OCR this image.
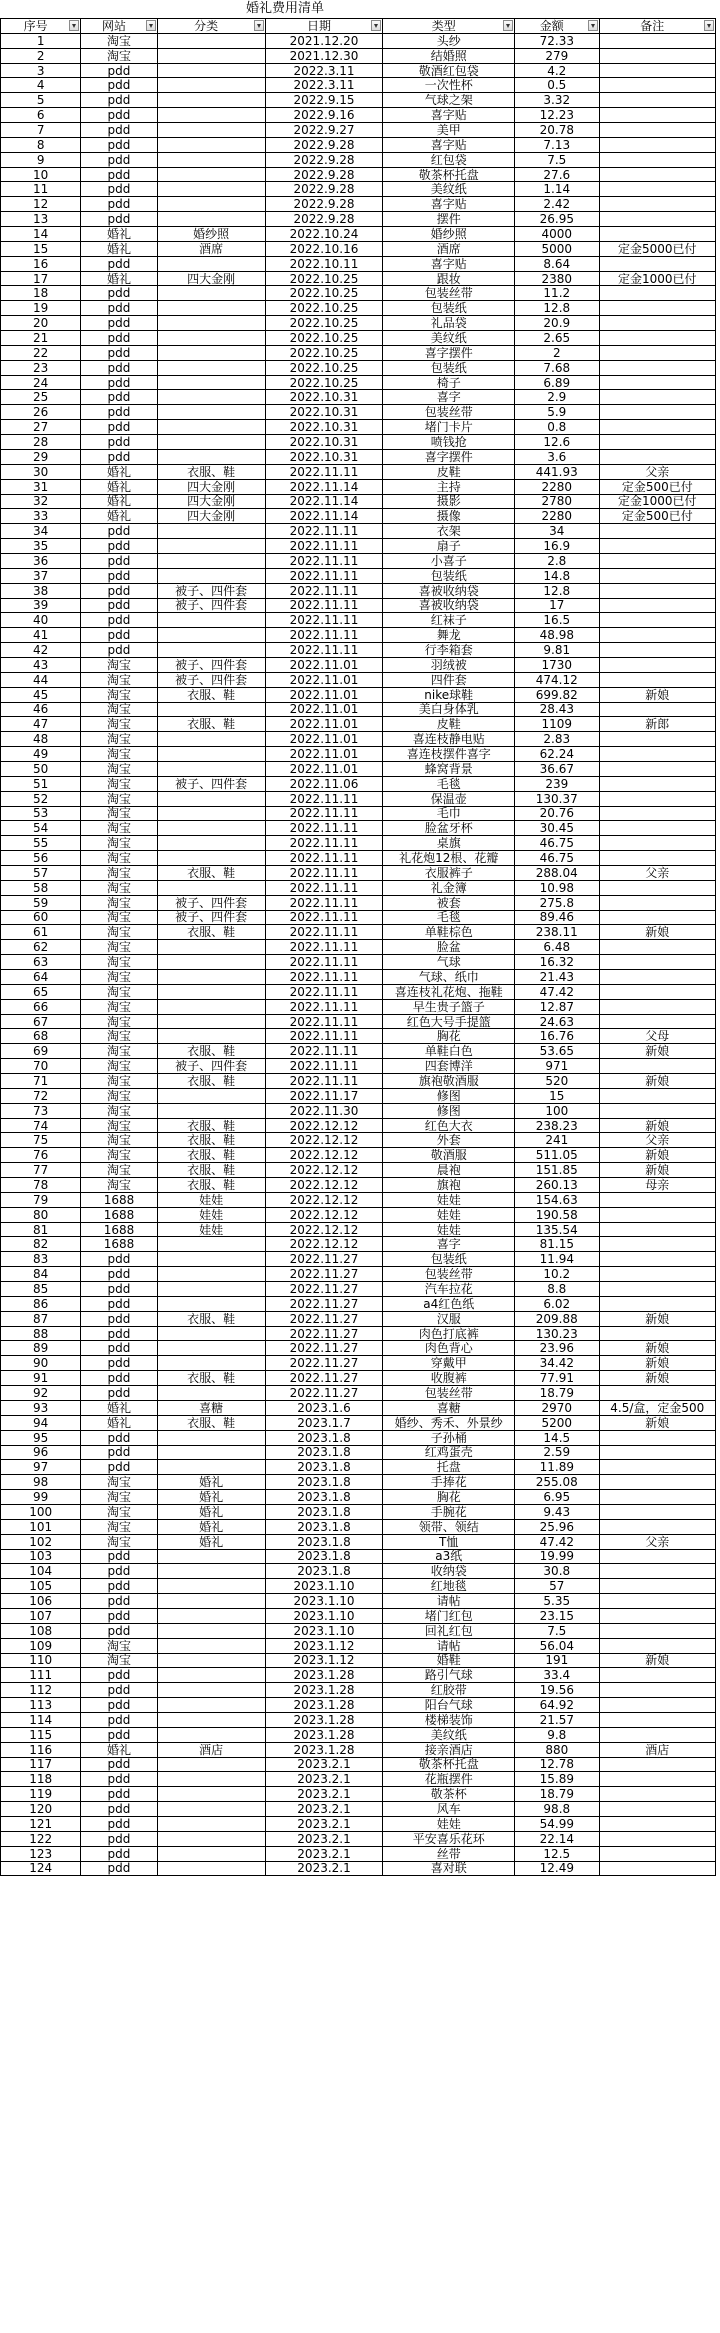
婚礼费用清单
序号	网站	分类	日期	类型	金额	备注

1	淘宝		2021.12.20	头纱	72.33	
2	淘宝		2021.12.30	结婚照	279	
3	pdd		2022.3.11	敬酒红包袋	4.2	
4	pdd		2022.3.11	一次性杯	0.5	
5	pdd		2022.9.15	气球之架	3.32	
6	pdd		2022.9.16	喜字贴	12.23	
7	pdd		2022.9.27	美甲	20.78	
8	pdd		2022.9.28	喜字贴	7.13	
9	pdd		2022.9.28	红包袋	7.5	
10	pdd		2022.9.28	敬茶杯托盘	27.6	
11	pdd		2022.9.28	美纹纸	1.14	
12	pdd		2022.9.28	喜字贴	2.42	
13	pdd		2022.9.28	摆件	26.95	
14	婚礼	婚纱照	2022.10.24	婚纱照	4000	
15	婚礼	酒席	2022.10.16	酒席	5000	定金5000已付
16	pdd		2022.10.11	喜字贴	8.64	
17	婚礼	四大金刚	2022.10.25	跟妆	2380	定金1000已付
18	pdd		2022.10.25	包装丝带	11.2	
19	pdd		2022.10.25	包装纸	12.8	
20	pdd		2022.10.25	礼品袋	20.9	
21	pdd		2022.10.25	美纹纸	2.65	
22	pdd		2022.10.25	喜字摆件	2	
23	pdd		2022.10.25	包装纸	7.68	
24	pdd		2022.10.25	椅子	6.89	
25	pdd		2022.10.31	喜字	2.9	
26	pdd		2022.10.31	包装丝带	5.9	
27	pdd		2022.10.31	堵门卡片	0.8	
28	pdd		2022.10.31	喷钱抢	12.6	
29	pdd		2022.10.31	喜字摆件	3.6	
30	婚礼	衣服、鞋	2022.11.11	皮鞋	441.93	父亲
31	婚礼	四大金刚	2022.11.14	主持	2280	定金500已付
32	婚礼	四大金刚	2022.11.14	摄影	2780	定金1000已付
33	婚礼	四大金刚	2022.11.14	摄像	2280	定金500已付
34	pdd		2022.11.11	衣架	34	
35	pdd		2022.11.11	扇子	16.9	
36	pdd		2022.11.11	小喜子	2.8	
37	pdd		2022.11.11	包装纸	14.8	
38	pdd	被子、四件套	2022.11.11	喜被收纳袋	12.8	
39	pdd	被子、四件套	2022.11.11	喜被收纳袋	17	
40	pdd		2022.11.11	红袜子	16.5	
41	pdd		2022.11.11	舞龙	48.98	
42	pdd		2022.11.11	行李箱套	9.81	
43	淘宝	被子、四件套	2022.11.01	羽绒被	1730	
44	淘宝	被子、四件套	2022.11.01	四件套	474.12	
45	淘宝	衣服、鞋	2022.11.01	nike球鞋	699.82	新娘
46	淘宝		2022.11.01	美白身体乳	28.43	
47	淘宝	衣服、鞋	2022.11.01	皮鞋	1109	新郎
48	淘宝		2022.11.01	喜连枝静电贴	2.83	
49	淘宝		2022.11.01	喜连枝摆件喜字	62.24	
50	淘宝		2022.11.01	蜂窝背景	36.67	
51	淘宝	被子、四件套	2022.11.06	毛毯	239	
52	淘宝		2022.11.11	保温壶	130.37	
53	淘宝		2022.11.11	毛巾	20.76	
54	淘宝		2022.11.11	脸盆牙杯	30.45	
55	淘宝		2022.11.11	桌旗	46.75	
56	淘宝		2022.11.11	礼花炮12根、花瓣	46.75	
57	淘宝	衣服、鞋	2022.11.11	衣服裤子	288.04	父亲
58	淘宝		2022.11.11	礼金簿	10.98	
59	淘宝	被子、四件套	2022.11.11	被套	275.8	
60	淘宝	被子、四件套	2022.11.11	毛毯	89.46	
61	淘宝	衣服、鞋	2022.11.11	单鞋棕色	238.11	新娘
62	淘宝		2022.11.11	脸盆	6.48	
63	淘宝		2022.11.11	气球	16.32	
64	淘宝		2022.11.11	气球、纸巾	21.43	
65	淘宝		2022.11.11	喜连枝礼花炮、拖鞋	47.42	
66	淘宝		2022.11.11	早生贵子篮子	12.87	
67	淘宝		2022.11.11	红色大号手提篮	24.63	
68	淘宝		2022.11.11	胸花	16.76	父母
69	淘宝	衣服、鞋	2022.11.11	单鞋白色	53.65	新娘
70	淘宝	被子、四件套	2022.11.11	四套博洋	971	
71	淘宝	衣服、鞋	2022.11.11	旗袍敬酒服	520	新娘
72	淘宝		2022.11.17	修图	15	
73	淘宝		2022.11.30	修图	100	
74	淘宝	衣服、鞋	2022.12.12	红色大衣	238.23	新娘
75	淘宝	衣服、鞋	2022.12.12	外套	241	父亲
76	淘宝	衣服、鞋	2022.12.12	敬酒服	511.05	新娘
77	淘宝	衣服、鞋	2022.12.12	晨袍	151.85	新娘
78	淘宝	衣服、鞋	2022.12.12	旗袍	260.13	母亲
79	1688	娃娃	2022.12.12	娃娃	154.63	
80	1688	娃娃	2022.12.12	娃娃	190.58	
81	1688	娃娃	2022.12.12	娃娃	135.54	
82	1688		2022.12.12	喜字	81.15	
83	pdd		2022.11.27	包装纸	11.94	
84	pdd		2022.11.27	包装丝带	10.2	
85	pdd		2022.11.27	汽车拉花	8.8	
86	pdd		2022.11.27	a4红色纸	6.02	
87	pdd	衣服、鞋	2022.11.27	汉服	209.88	新娘
88	pdd		2022.11.27	肉色打底裤	130.23	
89	pdd		2022.11.27	肉色背心	23.96	新娘
90	pdd		2022.11.27	穿戴甲	34.42	新娘
91	pdd	衣服、鞋	2022.11.27	收腹裤	77.91	新娘
92	pdd		2022.11.27	包装丝带	18.79	
93	婚礼	喜糖	2023.1.6	喜糖	2970	4.5/盒，定金500
94	婚礼	衣服、鞋	2023.1.7	婚纱、秀禾、外景纱	5200	新娘
95	pdd		2023.1.8	子孙桶	14.5	
96	pdd		2023.1.8	红鸡蛋壳	2.59	
97	pdd		2023.1.8	托盘	11.89	
98	淘宝	婚礼	2023.1.8	手捧花	255.08	
99	淘宝	婚礼	2023.1.8	胸花	6.95	
100	淘宝	婚礼	2023.1.8	手腕花	9.43	
101	淘宝	婚礼	2023.1.8	领带、领结	25.96	
102	淘宝	婚礼	2023.1.8	T恤	47.42	父亲
103	pdd		2023.1.8	a3纸	19.99	
104	pdd		2023.1.8	收纳袋	30.8	
105	pdd		2023.1.10	红地毯	57	
106	pdd		2023.1.10	请帖	5.35	
107	pdd		2023.1.10	堵门红包	23.15	
108	pdd		2023.1.10	回礼红包	7.5	
109	淘宝		2023.1.12	请帖	56.04	
110	淘宝		2023.1.12	婚鞋	191	新娘
111	pdd		2023.1.28	路引气球	33.4	
112	pdd		2023.1.28	红胶带	19.56	
113	pdd		2023.1.28	阳台气球	64.92	
114	pdd		2023.1.28	楼梯装饰	21.57	
115	pdd		2023.1.28	美纹纸	9.8	
116	婚礼	酒店	2023.1.28	接亲酒店	880	酒店
117	pdd		2023.2.1	敬茶杯托盘	12.78	
118	pdd		2023.2.1	花瓶摆件	15.89	
119	pdd		2023.2.1	敬茶杯	18.79	
120	pdd		2023.2.1	风车	98.8	
121	pdd		2023.2.1	娃娃	54.99	
122	pdd		2023.2.1	平安喜乐花环	22.14	
123	pdd		2023.2.1	丝带	12.5	
124	pdd		2023.2.1	喜对联	12.49	
